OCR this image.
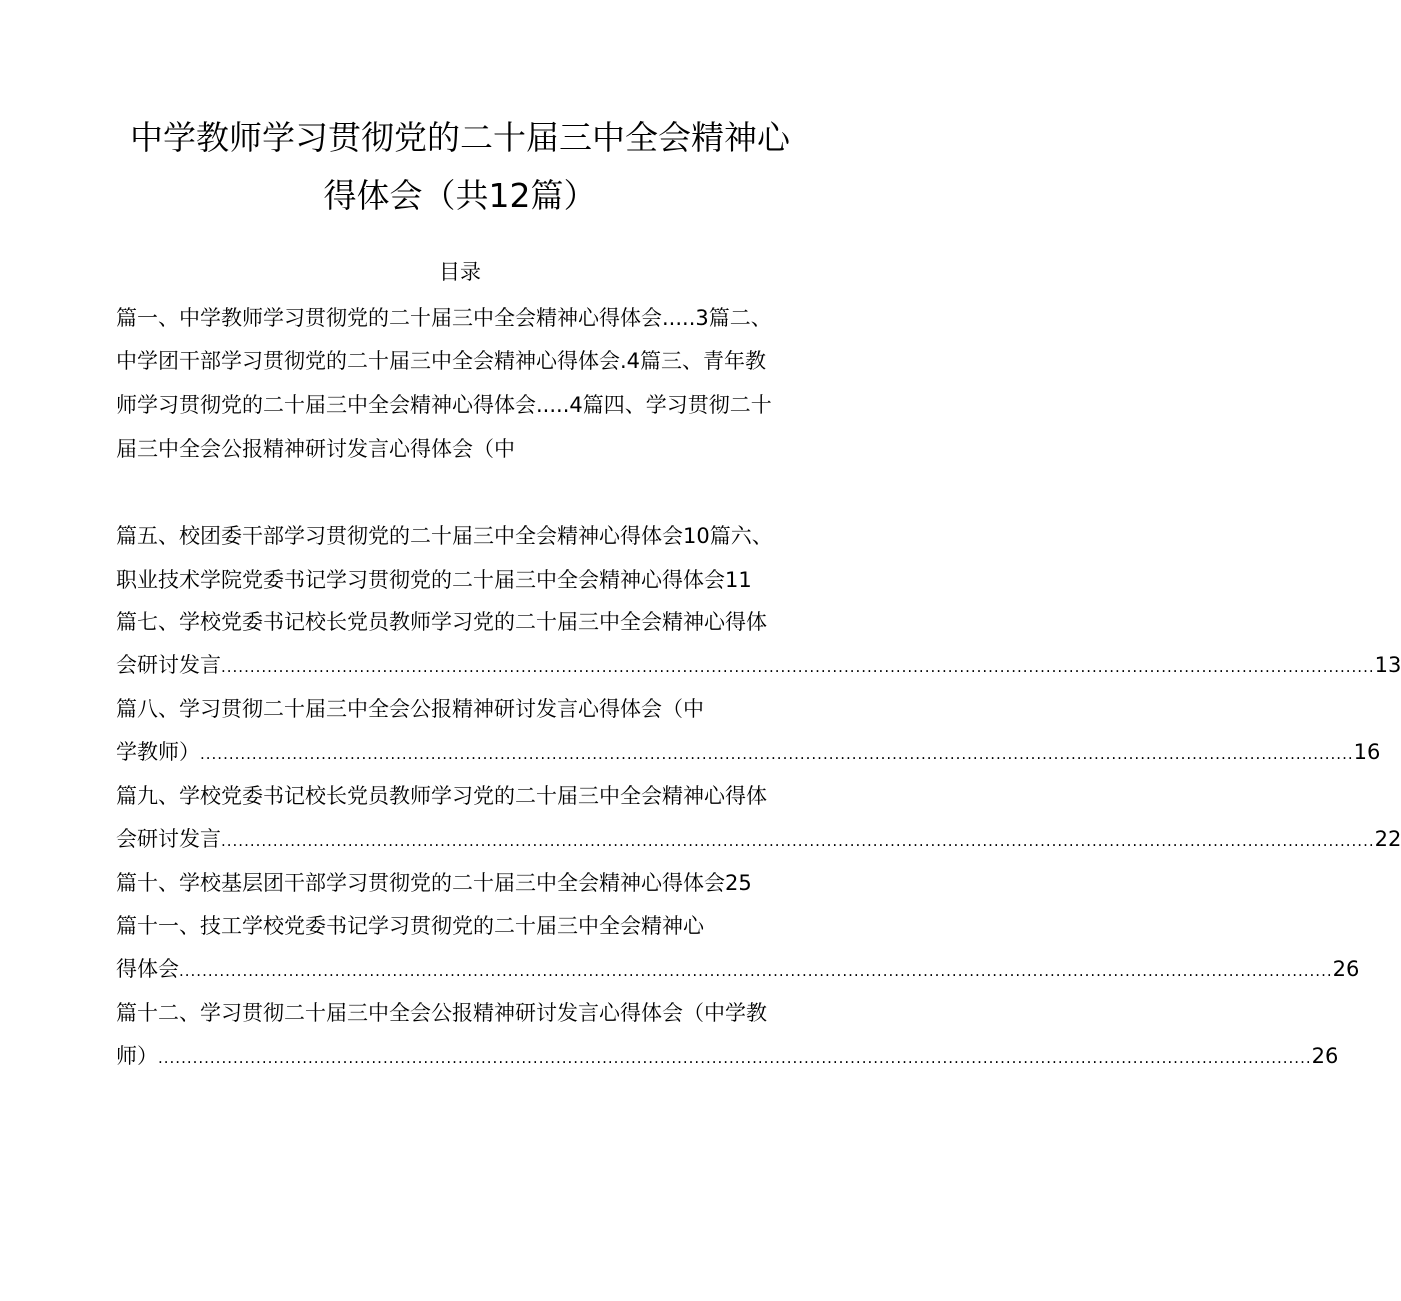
中学教师学习贯彻党的二十届三中全会精神心
得体会（共12篇）
目录
篇一、中学教师学习贯彻党的二十届三中全会精神心得体会.....3篇二、
中学团干部学习贯彻党的二十届三中全会精神心得体会.4篇三、青年教
师学习贯彻党的二十届三中全会精神心得体会.....4篇四、学习贯彻二十
届三中全会公报精神研讨发言心得体会（中
篇五、校团委干部学习贯彻党的二十届三中全会精神心得体会10篇六、
职业技术学院党委书记学习贯彻党的二十届三中全会精神心得体会11
篇七、学校党委书记校长党员教师学习党的二十届三中全会精神心得体
会研讨发言 ........................................................................................................................................................................................................ 13
篇八、学习贯彻二十届三中全会公报精神研讨发言心得体会（中
学教师） ........................................................................................................................................................................................................ 16
篇九、学校党委书记校长党员教师学习党的二十届三中全会精神心得体
会研讨发言 ........................................................................................................................................................................................................ 22
篇十、学校基层团干部学习贯彻党的二十届三中全会精神心得体会25
篇十一、技工学校党委书记学习贯彻党的二十届三中全会精神心
得体会 ........................................................................................................................................................................................................ 26
篇十二、学习贯彻二十届三中全会公报精神研讨发言心得体会（中学教
师） ........................................................................................................................................................................................................ 26
